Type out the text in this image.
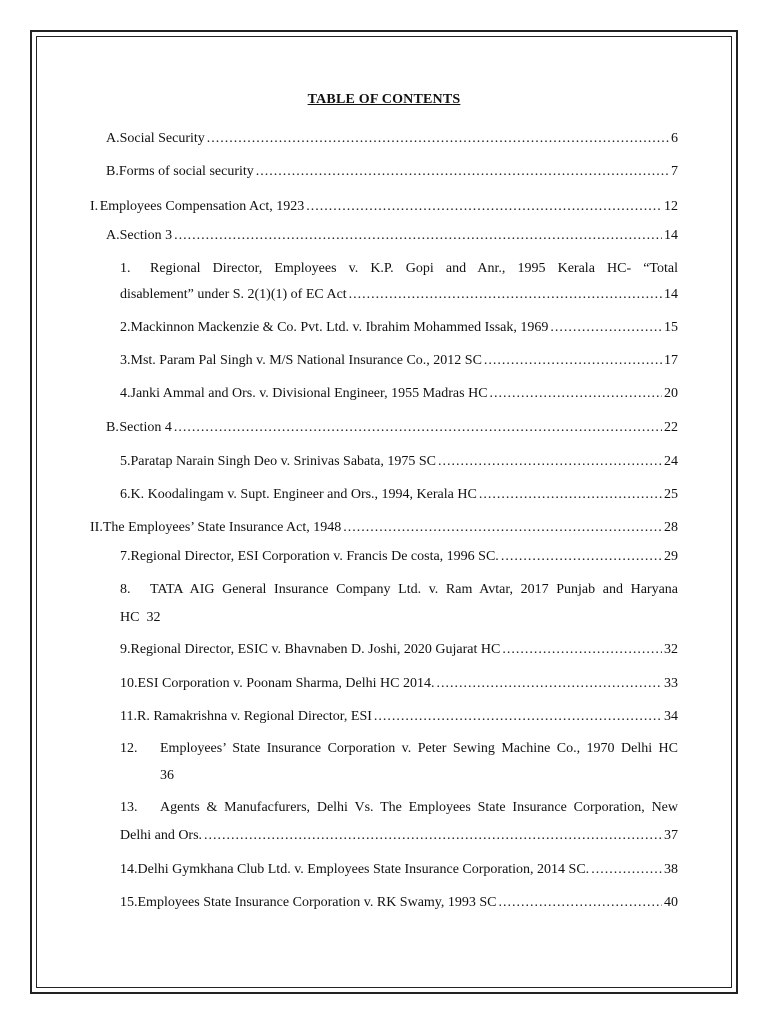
TABLE OF CONTENTS
A. Social Security .....	6
B. Forms of social security .....	7
I. Employees Compensation Act, 1923 .....	12
A. Section 3 .....	14
1. Regional Director, Employees v. K.P. Gopi and Anr., 1995 Kerala HC- “Total
disablement” under S. 2(1)(1) of EC Act .....	14
2. Mackinnon Mackenzie & Co. Pvt. Ltd. v. Ibrahim Mohammed Issak, 1969 .....	15
3. Mst. Param Pal Singh v. M/S National Insurance Co., 2012 SC .....	17
4. Janki Ammal and Ors. v. Divisional Engineer, 1955 Madras HC .....	20
B. Section 4 .....	22
5. Paratap Narain Singh Deo v. Srinivas Sabata, 1975 SC .....	24
6. K. Koodalingam v. Supt. Engineer and Ors., 1994, Kerala HC .....	25
II. The Employees’ State Insurance Act, 1948 .....	28
7. Regional Director, ESI Corporation v. Francis De costa, 1996 SC. .....	29
8. TATA AIG General Insurance Company Ltd. v. Ram Avtar, 2017 Punjab and Haryana
HC 32
9. Regional Director, ESIC v. Bhavnaben D. Joshi, 2020 Gujarat HC .....	32
10. ESI Corporation v. Poonam Sharma, Delhi HC 2014. .....	33
11. R. Ramakrishna v. Regional Director, ESI .....	34
12. Employees’ State Insurance Corporation v. Peter Sewing Machine Co., 1970 Delhi HC
36
13. Agents & Manufacfurers, Delhi Vs. The Employees State Insurance Corporation, New
Delhi and Ors. .....	37
14. Delhi Gymkhana Club Ltd. v. Employees State Insurance Corporation, 2014 SC. .....	38
15. Employees State Insurance Corporation v. RK Swamy, 1993 SC .....	40
